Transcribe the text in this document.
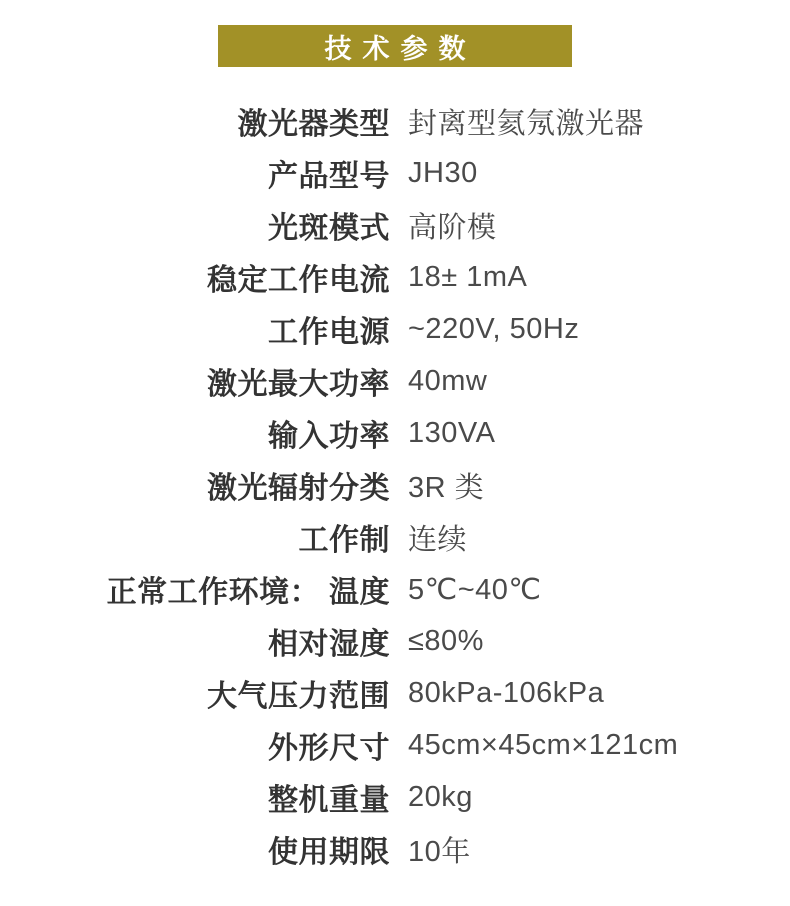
技术参数
激光器类型 封离型氦氖激光器
产品型号 JH30
光斑模式 高阶模
稳定工作电流 18± 1mA
工作电源 ~220V, 50Hz
激光最大功率 40mw
输入功率 130VA
激光辐射分类 3R 类
工作制 连续
正常工作环境： 温度 5℃~40℃
相对湿度 ≤80%
大气压力范围 80kPa-106kPa
外形尺寸 45cm×45cm×121cm
整机重量 20kg
使用期限 10年
